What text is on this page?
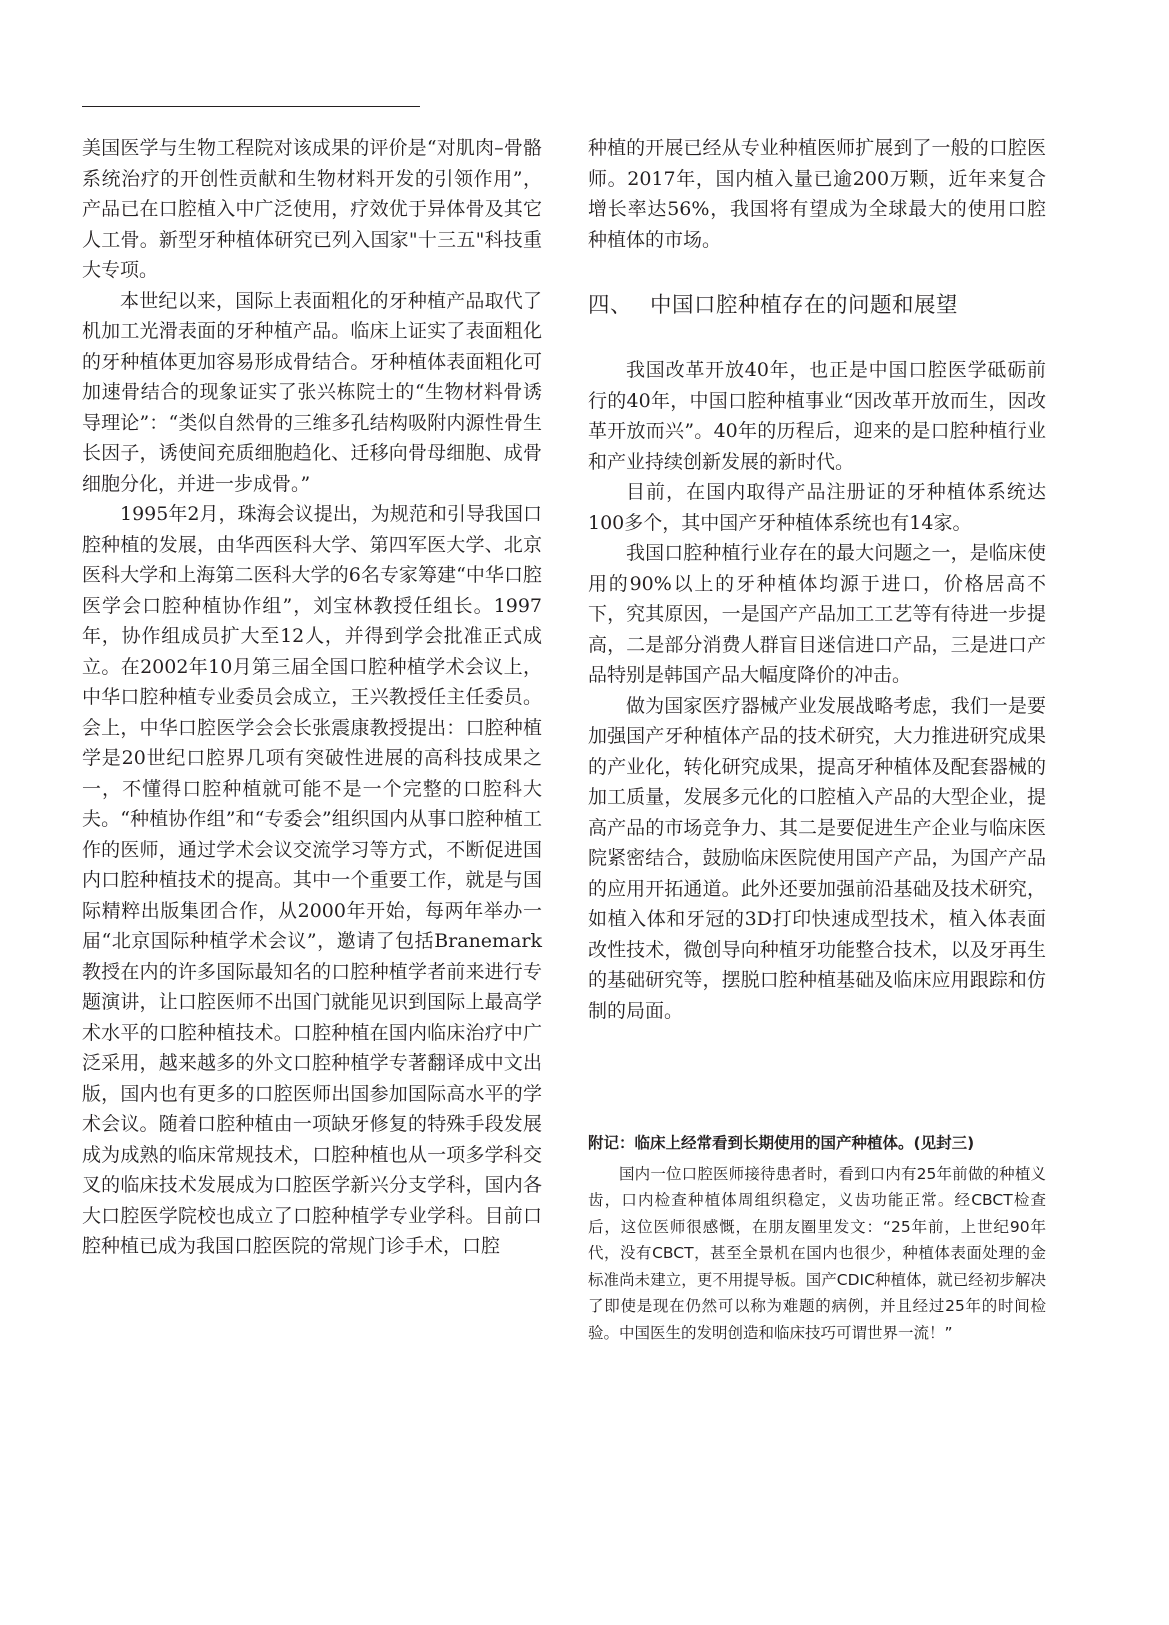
美国医学与生物工程院对该成果的评价是“对肌肉–骨骼系统治疗的开创性贡献和生物材料开发的引领作用”，产品已在口腔植入中广泛使用，疗效优于异体骨及其它人工骨。新型牙种植体研究已列入国家"十三五"科技重大专项。

本世纪以来，国际上表面粗化的牙种植产品取代了机加工光滑表面的牙种植产品。临床上证实了表面粗化的牙种植体更加容易形成骨结合。牙种植体表面粗化可加速骨结合的现象证实了张兴栋院士的“生物材料骨诱导理论”：“类似自然骨的三维多孔结构吸附内源性骨生长因子，诱使间充质细胞趋化、迁移向骨母细胞、成骨细胞分化，并进一步成骨。”

1995年2月，珠海会议提出，为规范和引导我国口腔种植的发展，由华西医科大学、第四军医大学、北京医科大学和上海第二医科大学的6名专家筹建“中华口腔医学会口腔种植协作组”，刘宝林教授任组长。1997年，协作组成员扩大至12人，并得到学会批准正式成立。在2002年10月第三届全国口腔种植学术会议上，中华口腔种植专业委员会成立，王兴教授任主任委员。会上，中华口腔医学会会长张震康教授提出：口腔种植学是20世纪口腔界几项有突破性进展的高科技成果之一，不懂得口腔种植就可能不是一个完整的口腔科大夫。“种植协作组”和“专委会”组织国内从事口腔种植工作的医师，通过学术会议交流学习等方式，不断促进国内口腔种植技术的提高。其中一个重要工作，就是与国际精粹出版集团合作，从2000年开始，每两年举办一届“北京国际种植学术会议”，邀请了包括Branemark教授在内的许多国际最知名的口腔种植学者前来进行专题演讲，让口腔医师不出国门就能见识到国际上最高学术水平的口腔种植技术。口腔种植在国内临床治疗中广泛采用，越来越多的外文口腔种植学专著翻译成中文出版，国内也有更多的口腔医师出国参加国际高水平的学术会议。随着口腔种植由一项缺牙修复的特殊手段发展成为成熟的临床常规技术，口腔种植也从一项多学科交叉的临床技术发展成为口腔医学新兴分支学科，国内各大口腔医学院校也成立了口腔种植学专业学科。目前口腔种植已成为我国口腔医院的常规门诊手术，口腔

种植的开展已经从专业种植医师扩展到了一般的口腔医师。2017年，国内植入量已逾200万颗，近年来复合增长率达56%，我国将有望成为全球最大的使用口腔种植体的市场。

四、 中国口腔种植存在的问题和展望

我国改革开放40年，也正是中国口腔医学砥砺前行的40年，中国口腔种植事业“因改革开放而生，因改革开放而兴”。40年的历程后，迎来的是口腔种植行业和产业持续创新发展的新时代。

目前，在国内取得产品注册证的牙种植体系统达100多个，其中国产牙种植体系统也有14家。

我国口腔种植行业存在的最大问题之一，是临床使用的90%以上的牙种植体均源于进口，价格居高不下，究其原因，一是国产产品加工工艺等有待进一步提高，二是部分消费人群盲目迷信进口产品，三是进口产品特别是韩国产品大幅度降价的冲击。

做为国家医疗器械产业发展战略考虑，我们一是要加强国产牙种植体产品的技术研究，大力推进研究成果的产业化，转化研究成果，提高牙种植体及配套器械的加工质量，发展多元化的口腔植入产品的大型企业，提高产品的市场竞争力、其二是要促进生产企业与临床医院紧密结合，鼓励临床医院使用国产产品，为国产产品的应用开拓通道。此外还要加强前沿基础及技术研究，如植入体和牙冠的3D打印快速成型技术，植入体表面改性技术，微创导向种植牙功能整合技术，以及牙再生的基础研究等，摆脱口腔种植基础及临床应用跟踪和仿制的局面。

附记：临床上经常看到长期使用的国产种植体。(见封三)

国内一位口腔医师接待患者时，看到口内有25年前做的种植义齿，口内检查种植体周组织稳定，义齿功能正常。经CBCT检查后，这位医师很感慨，在朋友圈里发文：“25年前，上世纪90年代，没有CBCT，甚至全景机在国内也很少，种植体表面处理的金标准尚未建立，更不用提导板。国产CDIC种植体，就已经初步解决了即使是现在仍然可以称为难题的病例，并且经过25年的时间检验。中国医生的发明创造和临床技巧可谓世界一流！”
